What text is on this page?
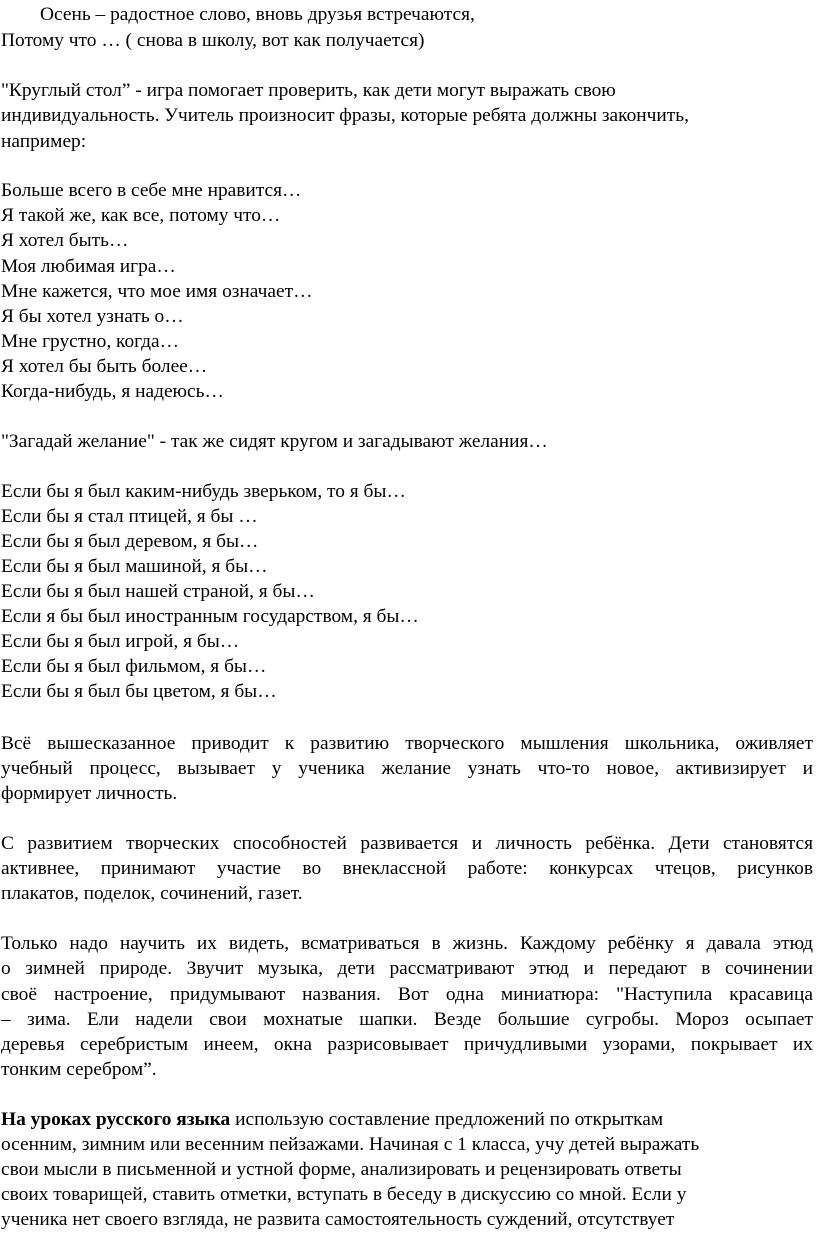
Осень – радостное слово, вновь друзья встречаются,
Потому что … ( снова в школу, вот как получается)
"Круглый стол” - игра помогает проверить, как дети могут выражать свою
индивидуальность. Учитель произносит фразы, которые ребята должны закончить,
например:
Больше всего в себе мне нравится…
Я такой же, как все, потому что…
Я хотел быть…
Моя любимая игра…
Мне кажется, что мое имя означает…
Я бы хотел узнать о…
Мне грустно, когда…
Я хотел бы быть более…
Когда-нибудь, я надеюсь…
"Загадай желание" - так же сидят кругом и загадывают желания…
Если бы я был каким-нибудь зверьком, то я бы…
Если бы я стал птицей, я бы …
Если бы я был деревом, я бы…
Если бы я был машиной, я бы…
Если бы я был нашей страной, я бы…
Если я бы был иностранным государством, я бы…
Если бы я был игрой, я бы…
Если бы я был фильмом, я бы…
Если бы я был бы цветом, я бы…
Всё вышесказанное приводит к развитию творческого мышления школьника, оживляет
учебный процесс, вызывает у ученика желание узнать что-то новое, активизирует и
формирует личность.
С развитием творческих способностей развивается и личность ребёнка. Дети становятся
активнее, принимают участие во внеклассной работе: конкурсах чтецов, рисунков
плакатов, поделок, сочинений, газет.
Только надо научить их видеть, всматриваться в жизнь. Каждому ребёнку я давала этюд
о зимней природе. Звучит музыка, дети рассматривают этюд и передают в сочинении
своё настроение, придумывают названия. Вот одна миниатюра: "Наступила красавица
– зима. Ели надели свои мохнатые шапки. Везде большие сугробы. Мороз осыпает
деревья серебристым инеем, окна разрисовывает причудливыми узорами, покрывает их
тонким серебром”.
На уроках русского языка использую составление предложений по открыткам
осенним, зимним или весенним пейзажами. Начиная с 1 класса, учу детей выражать
свои мысли в письменной и устной форме, анализировать и рецензировать ответы
своих товарищей, ставить отметки, вступать в беседу в дискуссию со мной. Если у
ученика нет своего взгляда, не развита самостоятельность суждений, отсутствует
